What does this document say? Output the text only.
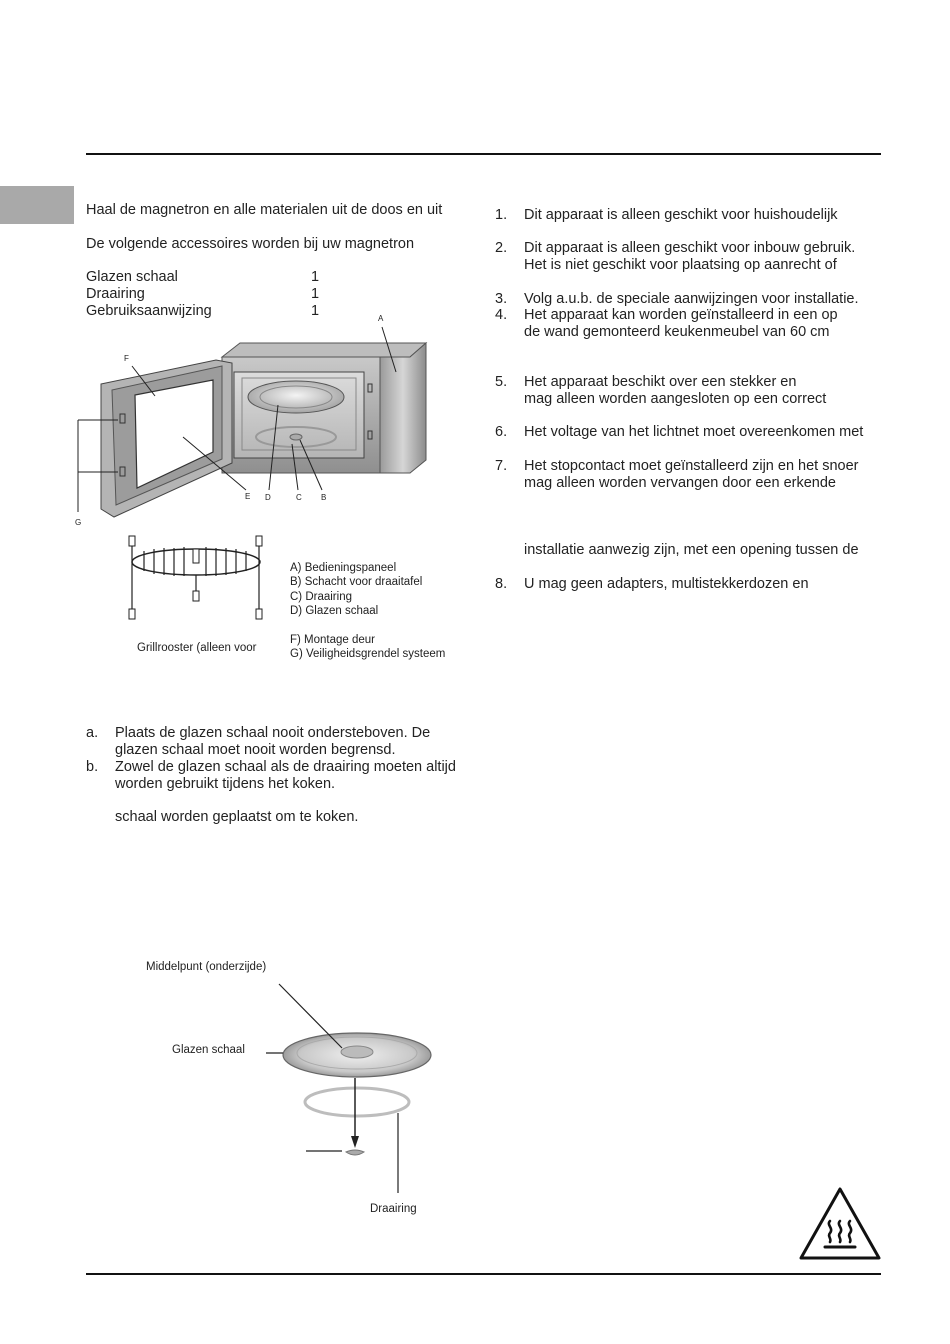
Haal de magnetron en alle materialen uit de doos en uit
De volgende accessoires worden bij uw magnetron
Glazen schaal	1
Draairing	1
Gebruiksaanwijzing	1	A
F
E D	C B
G
Grillrooster (alleen voor
A) Bedieningspaneel
B) Schacht voor draaitafel
C) Draairing
D) Glazen schaal
F) Montage deur
G) Veiligheidsgrendel systeem
a. Plaats de glazen schaal nooit ondersteboven. De
glazen schaal moet nooit worden begrensd.
b. Zowel de glazen schaal als de draairing moeten altijd
worden gebruikt tijdens het koken.
schaal worden geplaatst om te koken.
Middelpunt (onderzijde)
Glazen schaal
Draairing
1.	Dit apparaat is alleen geschikt voor huishoudelijk
2.	Dit apparaat is alleen geschikt voor inbouw gebruik.
Het is niet geschikt voor plaatsing op aanrecht of
3.	Volg a.u.b. de speciale aanwijzingen voor installatie.
4.	Het apparaat kan worden geïnstalleerd in een op
de wand gemonteerd keukenmeubel van 60 cm
5.	Het apparaat beschikt over een stekker en
mag alleen worden aangesloten op een correct
6.	Het voltage van het lichtnet moet overeenkomen met
7.	Het stopcontact moet geïnstalleerd zijn en het snoer
mag alleen worden vervangen door een erkende
installatie aanwezig zijn, met een opening tussen de
8.	U mag geen adapters, multistekkerdozen en
